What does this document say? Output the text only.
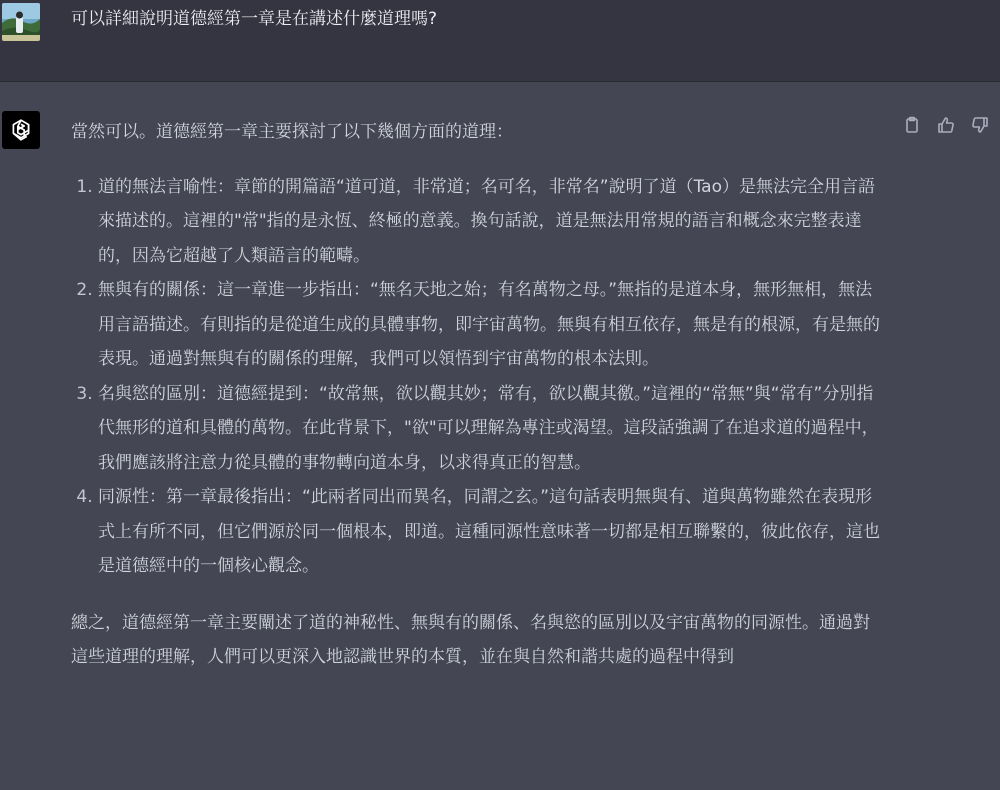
可以詳細說明道德經第一章是在講述什麼道理嗎?

當然可以。道德經第一章主要探討了以下幾個方面的道理：

1. 道的無法言喻性：章節的開篇語“道可道，非常道；名可名，非常名”說明了道（Tao）是無法完全用言語來描述的。這裡的"常"指的是永恆、終極的意義。換句話說，道是無法用常規的語言和概念來完整表達的，因為它超越了人類語言的範疇。
2. 無與有的關係：這一章進一步指出：“無名天地之始；有名萬物之母。”無指的是道本身，無形無相，無法用言語描述。有則指的是從道生成的具體事物，即宇宙萬物。無與有相互依存，無是有的根源，有是無的表現。通過對無與有的關係的理解，我們可以領悟到宇宙萬物的根本法則。
3. 名與慾的區別：道德經提到：“故常無，欲以觀其妙；常有，欲以觀其徼。”這裡的“常無”與“常有”分別指代無形的道和具體的萬物。在此背景下，"欲"可以理解為專注或渴望。這段話強調了在追求道的過程中，我們應該將注意力從具體的事物轉向道本身，以求得真正的智慧。
4. 同源性：第一章最後指出：“此兩者同出而異名，同謂之玄。”這句話表明無與有、道與萬物雖然在表現形式上有所不同，但它們源於同一個根本，即道。這種同源性意味著一切都是相互聯繫的，彼此依存，這也是道德經中的一個核心觀念。

總之，道德經第一章主要闡述了道的神秘性、無與有的關係、名與慾的區別以及宇宙萬物的同源性。通過對這些道理的理解，人們可以更深入地認識世界的本質，並在與自然和諧共處的過程中得到
